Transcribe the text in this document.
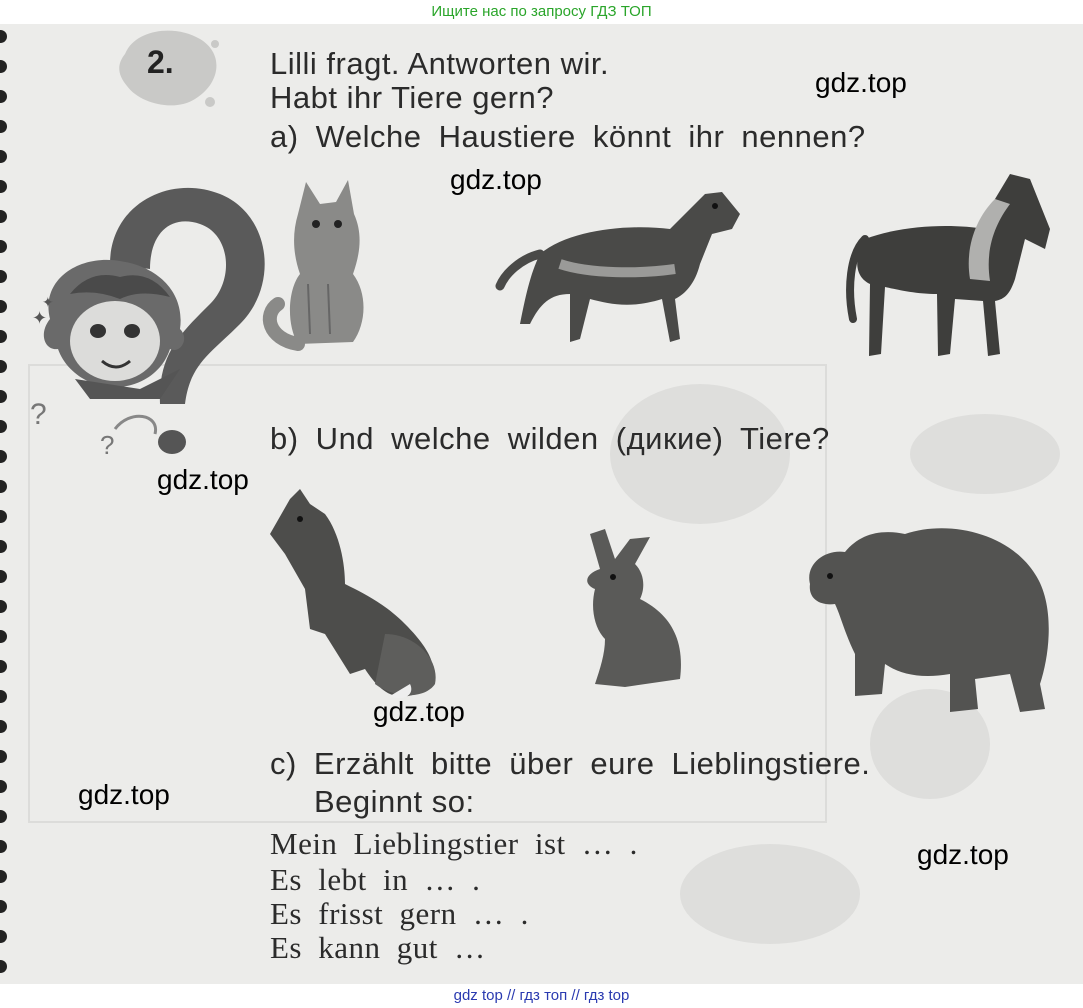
Ищите нас по запросу ГДЗ ТОП
2.	Lilli fragt. Antworten wir.
Habt ihr Tiere gern?
a) Welche Haustiere könnt ihr nennen?
✦
✦
?
?	b) Und welche wilden (дикие) Tiere?
c) Erzählt bitte über eure Lieblingstiere.
Beginnt so:
Mein Lieblingstier ist … .
Es lebt in … .
Es frisst gern … .
Es kann gut …
gdz.top
gdz.top
gdz.top
gdz.top
gdz.top
gdz.top
gdz top // гдз топ // гдз top
